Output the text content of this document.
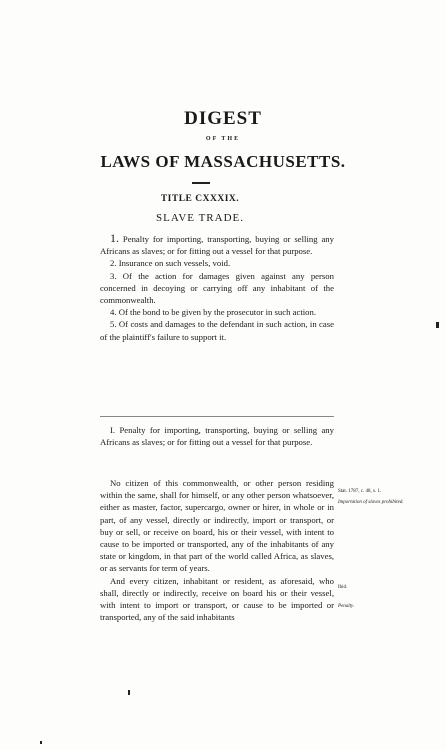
DIGEST
OF THE
LAWS OF MASSACHUSETTS.
TITLE CXXXIX.
SLAVE TRADE.

1. Penalty for importing, transporting, buying or selling any Africans as slaves; or for fitting out a vessel for that purpose.

2. Insurance on such vessels, void.

3. Of the action for damages given against any person concerned in decoying or carrying off any inhabitant of the commonwealth.

4. Of the bond to be given by the prosecutor in such action.

5. Of costs and damages to the defendant in such action, in case of the plaintiff's failure to support it.

I. Penalty for importing, transporting, buying or selling any Africans as slaves; or for fitting out a vessel for that purpose.

No citizen of this commonwealth, or other person residing within the same, shall for himself, or any other person whatsoever, either as master, factor, supercargo, owner or hirer, in whole or in part, of any vessel, directly or indirectly, import or transport, or buy or sell, or receive on board, his or their vessel, with intent to cause to be imported or transported, any of the inhabitants of any state or kingdom, in that part of the world called Africa, as slaves, or as servants for term of years.

And every citizen, inhabitant or resident, as aforesaid, who shall, directly or indirectly, receive on board his or their vessel, with intent to import or transport, or cause to be imported or transported, any of the said inhabitants

Stat. 1787, c. 48, s. 1.
Importation of slaves prohibited.
Ibid.
Penalty.
